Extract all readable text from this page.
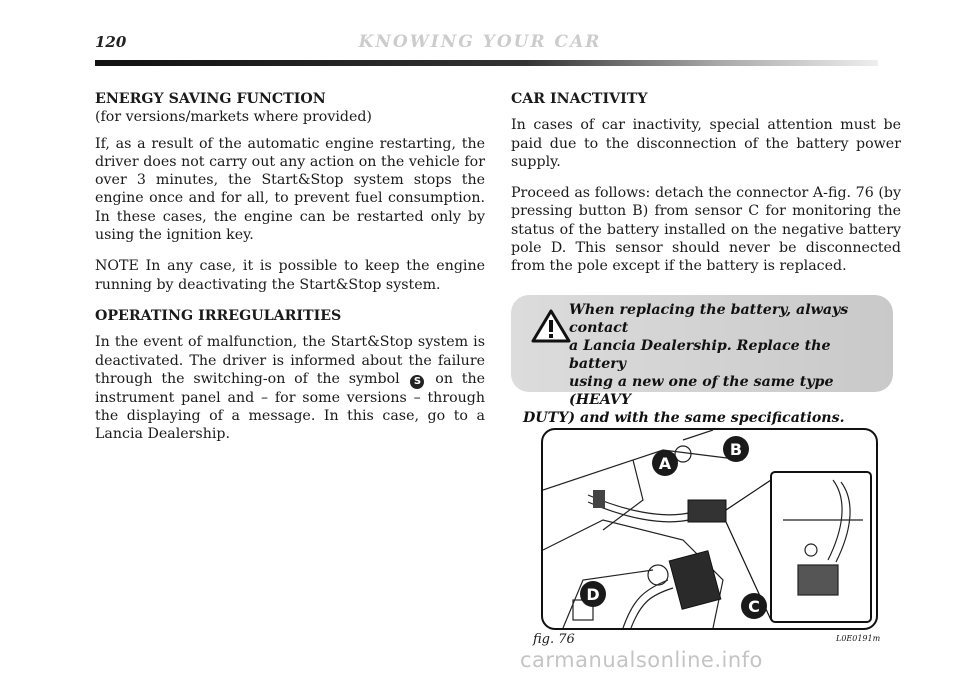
120	KNOWING YOUR CAR

ENERGY SAVING FUNCTION

(for versions/markets where provided)

If, as a result of the automatic engine restarting, the driver does not carry out any action on the vehicle for over 3 minutes, the Start&Stop system stops the engine once and for all, to prevent fuel consumption. In these cases, the engine can be restarted only by using the ignition key.

NOTE In any case, it is possible to keep the engine running by deactivating the Start&Stop system.

OPERATING IRREGULARITIES

In the event of malfunction, the Start&Stop system is deactivated. The driver is informed about the failure through the switching-on of the symbol S on the instrument panel and – for some versions – through the displaying of a message. In this case, go to a Lancia Dealership.

CAR INACTIVITY

In cases of car inactivity, special attention must be paid due to the disconnection of the battery power supply.

Proceed as follows: detach the connector A-fig. 76 (by pressing button B) from sensor C for monitoring the status of the battery installed on the negative battery pole D. This sensor should never be disconnected from the pole except if the battery is replaced.

When replacing the battery, always contact
a Lancia Dealership. Replace the battery
using a new one of the same type (HEAVY
DUTY) and with the same specifications.
A
B
C
D
fig. 76	L0E0191m
carmanualsonline.info
